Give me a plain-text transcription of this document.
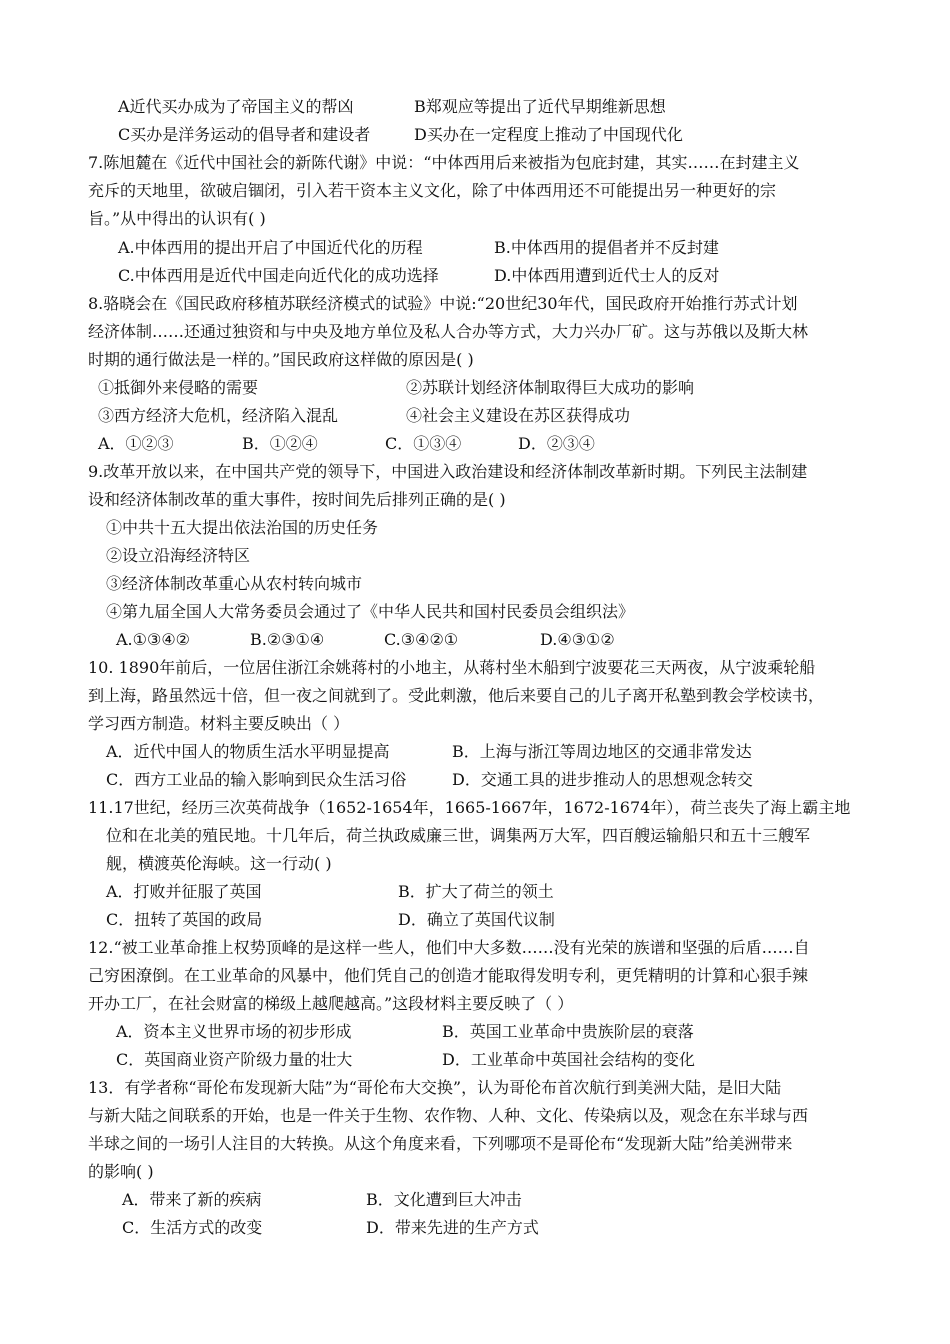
A近代买办成为了帝国主义的帮凶	B郑观应等提出了近代早期维新思想
C买办是洋务运动的倡导者和建设者	D买办在一定程度上推动了中国现代化
7.陈旭麓在《近代中国社会的新陈代谢》中说：“中体西用后来被指为包庇封建，其实……在封建主义
充斥的天地里，欲破启锢闭，引入若干资本主义文化，除了中体西用还不可能提出另一种更好的宗
旨。”从中得出的认识有( )
A.中体西用的提出开启了中国近代化的历程	B.中体西用的提倡者并不反封建
C.中体西用是近代中国走向近代化的成功选择	D.中体西用遭到近代士人的反对
8.骆晓会在《国民政府移植苏联经济模式的试验》中说:“20世纪30年代，国民政府开始推行苏式计划
经济体制……还通过独资和与中央及地方单位及私人合办等方式，大力兴办厂矿。这与苏俄以及斯大林
时期的通行做法是一样的。”国民政府这样做的原因是( )
①抵御外来侵略的需要	②苏联计划经济体制取得巨大成功的影响
③西方经济大危机，经济陷入混乱	④社会主义建设在苏区获得成功
A．①②③	B．①②④	C．①③④	D．②③④
9.改革开放以来，在中国共产党的领导下，中国进入政治建设和经济体制改革新时期。下列民主法制建
设和经济体制改革的重大事件，按时间先后排列正确的是( )
①中共十五大提出依法治国的历史任务
②设立沿海经济特区
③经济体制改革重心从农村转向城市
④第九届全国人大常务委员会通过了《中华人民共和国村民委员会组织法》
A.①③④②	B.②③①④	C.③④②①	D.④③①②
10. 1890年前后，一位居住浙江余姚蒋村的小地主，从蒋村坐木船到宁波要花三天两夜，从宁波乘轮船
到上海，路虽然远十倍，但一夜之间就到了。受此刺激，他后来要自己的儿子离开私塾到教会学校读书，
学习西方制造。材料主要反映出（ ）
A．近代中国人的物质生活水平明显提高	B．上海与浙江等周边地区的交通非常发达
C．西方工业品的输入影响到民众生活习俗	D．交通工具的进步推动人的思想观念转交
11.17世纪，经历三次英荷战争（1652-1654年，1665-1667年，1672-1674年），荷兰丧失了海上霸主地
位和在北美的殖民地。十几年后，荷兰执政威廉三世，调集两万大军，四百艘运输船只和五十三艘军
舰，横渡英伦海峡。这一行动( )
A．打败并征服了英国	B．扩大了荷兰的领土
C．扭转了英国的政局	D．确立了英国代议制
12.“被工业革命推上权势顶峰的是这样一些人，他们中大多数……没有光荣的族谱和坚强的后盾……自
己穷困潦倒。在工业革命的风暴中，他们凭自己的创造才能取得发明专利，更凭精明的计算和心狠手辣
开办工厂，在社会财富的梯级上越爬越高。”这段材料主要反映了（ ）
A．资本主义世界市场的初步形成	B．英国工业革命中贵族阶层的衰落
C．英国商业资产阶级力量的壮大	D．工业革命中英国社会结构的变化
13．有学者称“哥伦布发现新大陆”为“哥伦布大交换”，认为哥伦布首次航行到美洲大陆，是旧大陆
与新大陆之间联系的开始，也是一件关于生物、农作物、人种、文化、传染病以及，观念在东半球与西
半球之间的一场引人注目的大转换。从这个角度来看，下列哪项不是哥伦布“发现新大陆”给美洲带来
的影响( )
A．带来了新的疾病	B．文化遭到巨大冲击
C．生活方式的改变	D．带来先进的生产方式
